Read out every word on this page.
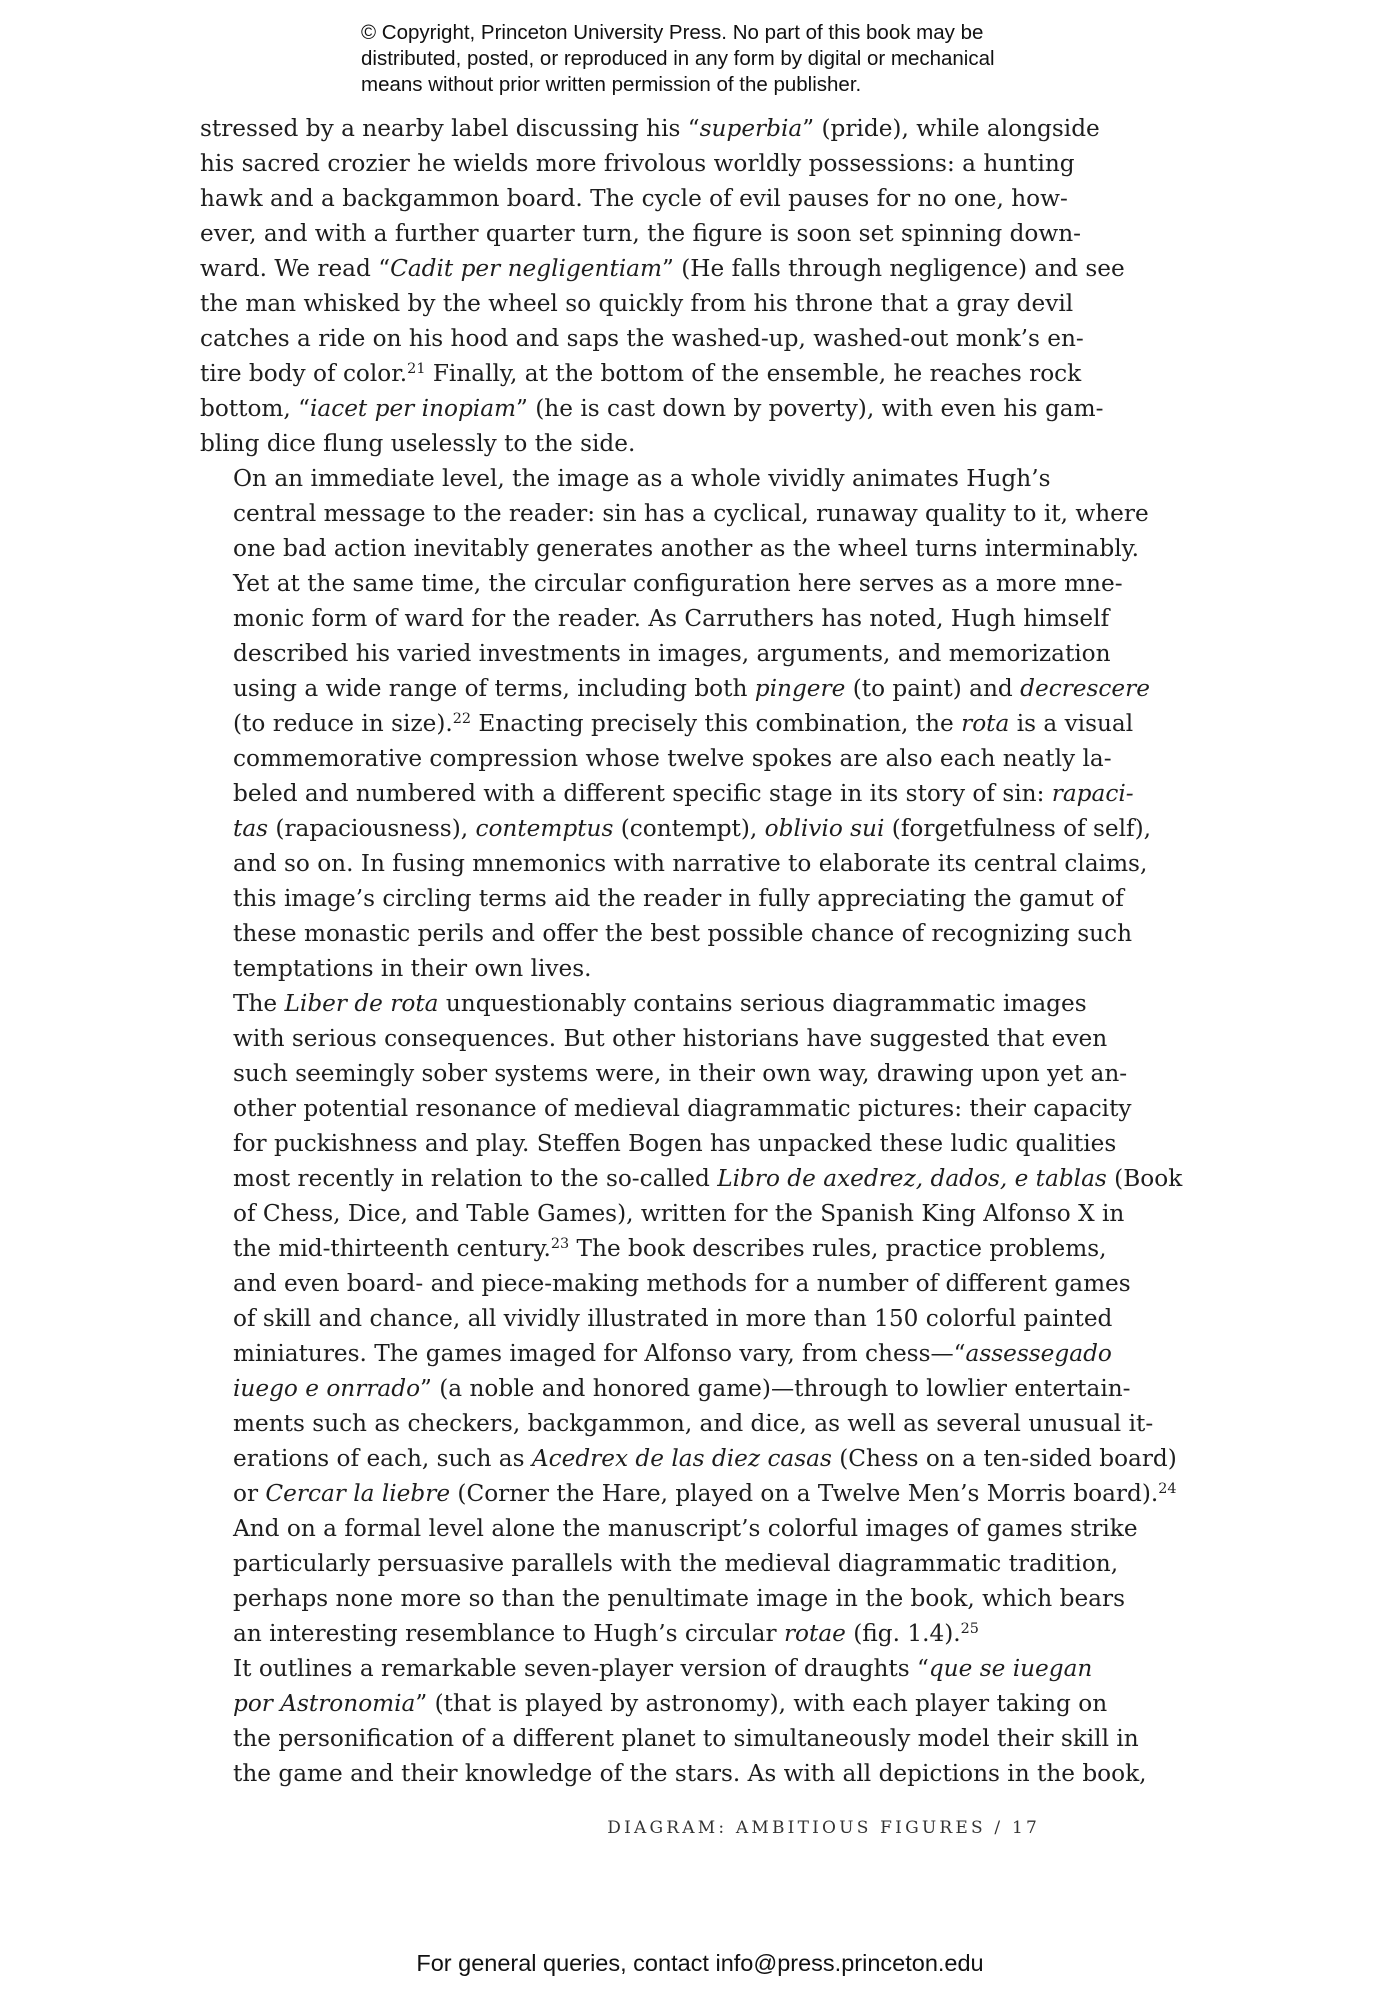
© Copyright, Princeton University Press. No part of this book may be
distributed, posted, or reproduced in any form by digital or mechanical
means without prior written permission of the publisher.

stressed by a nearby label discussing his “superbia” (pride), while alongside
his sacred crozier he wields more frivolous worldly possessions: a hunting
hawk and a backgammon board. The cycle of evil pauses for no one, how-
ever, and with a further quarter turn, the figure is soon set spinning down-
ward. We read “Cadit per negligentiam” (He falls through negligence) and see
the man whisked by the wheel so quickly from his throne that a gray devil
catches a ride on his hood and saps the washed-up, washed-out monk’s en-
tire body of color.$^{21}$ Finally, at the bottom of the ensemble, he reaches rock
bottom, “iacet per inopiam” (he is cast down by poverty), with even his gam-
bling dice flung uselessly to the side.

On an immediate level, the image as a whole vividly animates Hugh’s
central message to the reader: sin has a cyclical, runaway quality to it, where
one bad action inevitably generates another as the wheel turns interminably.
Yet at the same time, the circular configuration here serves as a more mne-
monic form of ward for the reader. As Carruthers has noted, Hugh himself
described his varied investments in images, arguments, and memorization
using a wide range of terms, including both pingere (to paint) and decrescere
(to reduce in size).$^{22}$ Enacting precisely this combination, the rota is a visual
commemorative compression whose twelve spokes are also each neatly la-
beled and numbered with a different specific stage in its story of sin: rapaci-
tas (rapaciousness), contemptus (contempt), oblivio sui (forgetfulness of self),
and so on. In fusing mnemonics with narrative to elaborate its central claims,
this image’s circling terms aid the reader in fully appreciating the gamut of
these monastic perils and offer the best possible chance of recognizing such
temptations in their own lives.

The Liber de rota unquestionably contains serious diagrammatic images
with serious consequences. But other historians have suggested that even
such seemingly sober systems were, in their own way, drawing upon yet an-
other potential resonance of medieval diagrammatic pictures: their capacity
for puckishness and play. Steffen Bogen has unpacked these ludic qualities
most recently in relation to the so-called Libro de axedrez, dados, e tablas (Book
of Chess, Dice, and Table Games), written for the Spanish King Alfonso X in
the mid-thirteenth century.$^{23}$ The book describes rules, practice problems,
and even board- and piece-making methods for a number of different games
of skill and chance, all vividly illustrated in more than 150 colorful painted
miniatures. The games imaged for Alfonso vary, from chess—“assessegado
iuego e onrrado” (a noble and honored game)—through to lowlier entertain-
ments such as checkers, backgammon, and dice, as well as several unusual it-
erations of each, such as Acedrex de las diez casas (Chess on a ten-sided board)
or Cercar la liebre (Corner the Hare, played on a Twelve Men’s Morris board).$^{24}$
And on a formal level alone the manuscript’s colorful images of games strike
particularly persuasive parallels with the medieval diagrammatic tradition,
perhaps none more so than the penultimate image in the book, which bears
an interesting resemblance to Hugh’s circular rotae (fig. 1.4).$^{25}$

It outlines a remarkable seven-player version of draughts “que se iuegan
por Astronomia” (that is played by astronomy), with each player taking on
the personification of a different planet to simultaneously model their skill in
the game and their knowledge of the stars. As with all depictions in the book,

DIAGRAM: AMBITIOUS FIGURES / 17
For general queries, contact info@press.princeton.edu
